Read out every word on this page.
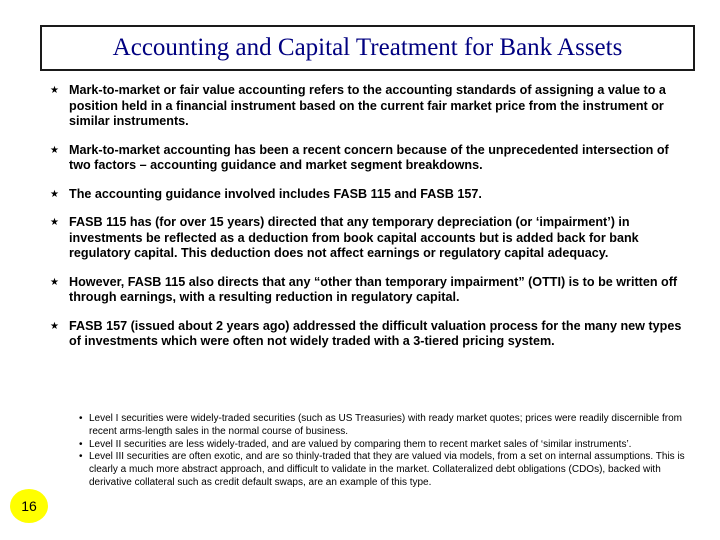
Accounting and Capital Treatment for Bank Assets
★ Mark-to-market or fair value accounting refers to the accounting standards of assigning a value to a position held in a financial instrument based on the current fair market price from the instrument or similar instruments.
★ Mark-to-market accounting has been a recent concern because of the unprecedented intersection of two factors – accounting guidance and market segment breakdowns.
★ The accounting guidance involved includes FASB 115 and FASB 157.
★ FASB 115 has (for over 15 years) directed that any temporary depreciation (or ‘impairment’) in investments be reflected as a deduction from book capital accounts but is added back for bank regulatory capital. This deduction does not affect earnings or regulatory capital adequacy.
★ However, FASB 115 also directs that any “other than temporary impairment” (OTTI) is to be written off through earnings, with a resulting reduction in regulatory capital.
★ FASB 157 (issued about 2 years ago) addressed the difficult valuation process for the many new types of investments which were often not widely traded with a 3-tiered pricing system.
• Level I securities were widely-traded securities (such as US Treasuries) with ready market quotes; prices were readily discernible from recent arms-length sales in the normal course of business.
• Level II securities are less widely-traded, and are valued by comparing them to recent market sales of ‘similar instruments’.
• Level III securities are often exotic, and are so thinly-traded that they are valued via models, from a set on internal assumptions. This is clearly a much more abstract approach, and difficult to validate in the market. Collateralized debt obligations (CDOs), backed with derivative collateral such as credit default swaps, are an example of this type.
16
